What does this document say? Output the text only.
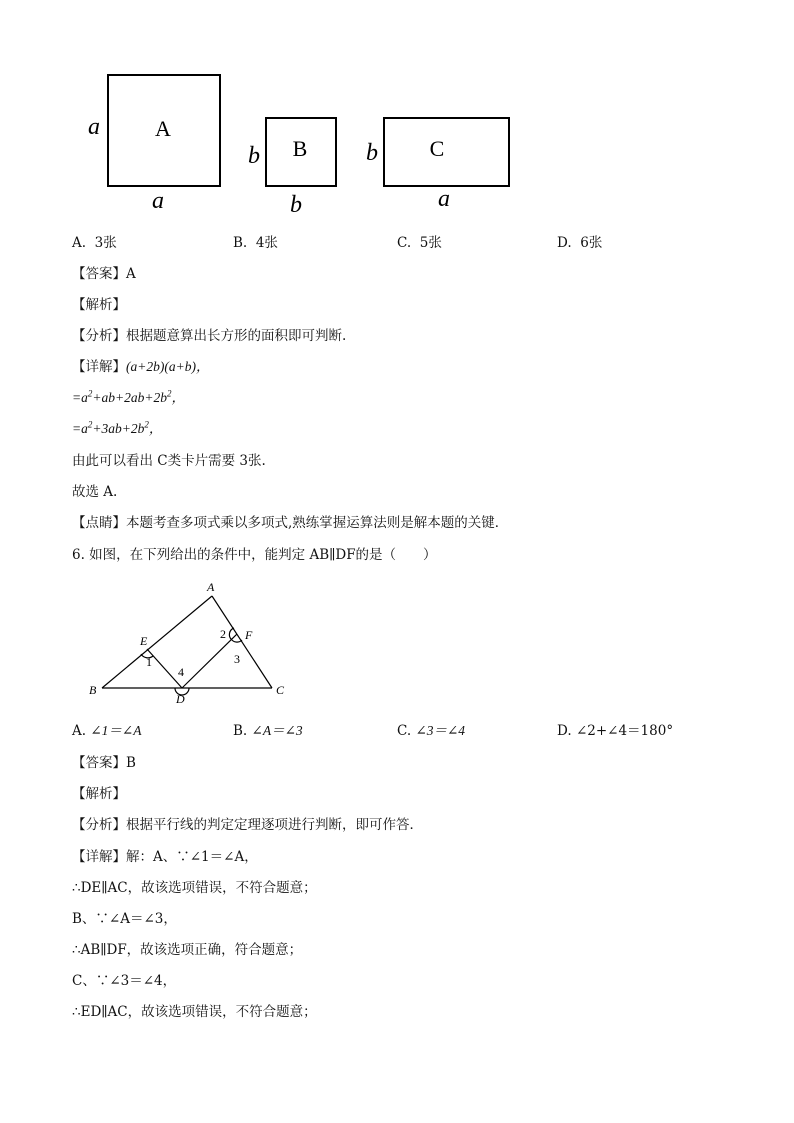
A
a
a
B
b
b
C
b
a
A. 3张	B. 4张	C. 5张	D. 6张
【答案】A
【解析】
【分析】根据题意算出长方形的面积即可判断.
【详解】(a+2b)(a+b)，
$=a^2+ab+2ab+2b^2$，
$=a^2+3ab+2b^2$，
由此可以看出 C类卡片需要 3张.
故选 A.
【点睛】本题考查多项式乘以多项式,熟练掌握运算法则是解本题的关键．
6. 如图，在下列给出的条件中，能判定 AB∥DF的是（　　）
A
B	C
D
E	F
1
2
3
4
A. ∠1＝∠A	B. ∠A＝∠3	C. ∠3＝∠4	D. ∠2+∠4＝180°
【答案】B
【解析】
【分析】根据平行线的判定定理逐项进行判断，即可作答．
【详解】解：A、∵∠1＝∠A，
∴DE∥AC，故该选项错误，不符合题意；
B、∵∠A＝∠3，
∴AB∥DF，故该选项正确，符合题意；
C、∵∠3＝∠4，
∴ED∥AC，故该选项错误，不符合题意；
